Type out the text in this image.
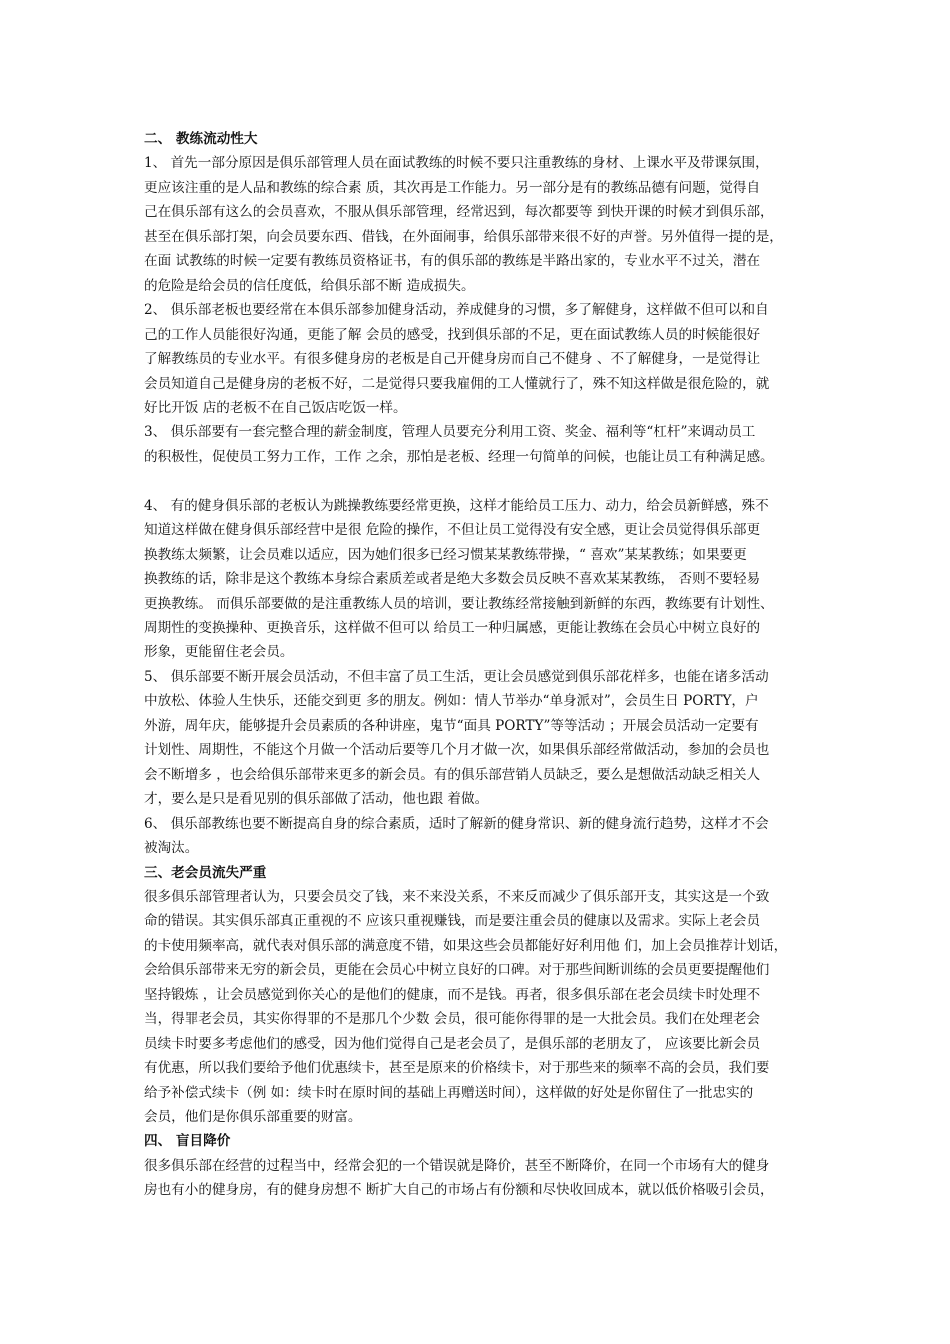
二、 教练流动性大
1、 首先一部分原因是俱乐部管理人员在面试教练的时候不要只注重教练的身材、上课水平及带课氛围，
更应该注重的是人品和教练的综合素 质，其次再是工作能力。另一部分是有的教练品德有问题，觉得自
己在俱乐部有这么的会员喜欢，不服从俱乐部管理，经常迟到，每次都要等 到快开课的时候才到俱乐部，
甚至在俱乐部打架，向会员要东西、借钱，在外面闹事，给俱乐部带来很不好的声誉。另外值得一提的是，
在面 试教练的时候一定要有教练员资格证书，有的俱乐部的教练是半路出家的，专业水平不过关，潜在
的危险是给会员的信任度低，给俱乐部不断 造成损失。
2、 俱乐部老板也要经常在本俱乐部参加健身活动，养成健身的习惯，多了解健身，这样做不但可以和自
己的工作人员能很好沟通，更能了解 会员的感受，找到俱乐部的不足，更在面试教练人员的时候能很好
了解教练员的专业水平。有很多健身房的老板是自己开健身房而自己不健身 、不了解健身，一是觉得让
会员知道自己是健身房的老板不好，二是觉得只要我雇佣的工人懂就行了，殊不知这样做是很危险的，就
好比开饭 店的老板不在自己饭店吃饭一样。
3、 俱乐部要有一套完整合理的薪金制度，管理人员要充分利用工资、奖金、福利等“杠杆”来调动员工
的积极性，促使员工努力工作，工作 之余，那怕是老板、经理一句简单的问候，也能让员工有种满足感。
4、 有的健身俱乐部的老板认为跳操教练要经常更换，这样才能给员工压力、动力，给会员新鲜感，殊不
知道这样做在健身俱乐部经营中是很 危险的操作，不但让员工觉得没有安全感，更让会员觉得俱乐部更
换教练太频繁，让会员难以适应，因为她们很多已经习惯某某教练带操，“ 喜欢”某某教练；如果要更
换教练的话，除非是这个教练本身综合素质差或者是绝大多数会员反映不喜欢某某教练， 否则不要轻易
更换教练。 而俱乐部要做的是注重教练人员的培训，要让教练经常接触到新鲜的东西，教练要有计划性、
周期性的变换操种、更换音乐，这样做不但可以 给员工一种归属感，更能让教练在会员心中树立良好的
形象，更能留住老会员。
5、 俱乐部要不断开展会员活动，不但丰富了员工生活，更让会员感觉到俱乐部花样多，也能在诸多活动
中放松、体验人生快乐，还能交到更 多的朋友。例如：情人节举办“单身派对”，会员生日 PORTY，户
外游，周年庆，能够提升会员素质的各种讲座，鬼节“面具 PORTY”等等活动 ；开展会员活动一定要有
计划性、周期性，不能这个月做一个活动后要等几个月才做一次，如果俱乐部经常做活动，参加的会员也
会不断增多 ，也会给俱乐部带来更多的新会员。有的俱乐部营销人员缺乏，要么是想做活动缺乏相关人
才，要么是只是看见别的俱乐部做了活动，他也跟 着做。
6、 俱乐部教练也要不断提高自身的综合素质，适时了解新的健身常识、新的健身流行趋势，这样才不会
被淘汰。
三、老会员流失严重
很多俱乐部管理者认为，只要会员交了钱，来不来没关系，不来反而减少了俱乐部开支，其实这是一个致
命的错误。其实俱乐部真正重视的不 应该只重视赚钱，而是要注重会员的健康以及需求。实际上老会员
的卡使用频率高，就代表对俱乐部的满意度不错，如果这些会员都能好好利用他 们，加上会员推荐计划话，
会给俱乐部带来无穷的新会员，更能在会员心中树立良好的口碑。对于那些间断训练的会员更要提醒他们
坚持锻炼 ，让会员感觉到你关心的是他们的健康，而不是钱。再者，很多俱乐部在老会员续卡时处理不
当，得罪老会员，其实你得罪的不是那几个少数 会员，很可能你得罪的是一大批会员。我们在处理老会
员续卡时要多考虑他们的感受，因为他们觉得自己是老会员了，是俱乐部的老朋友了， 应该要比新会员
有优惠，所以我们要给予他们优惠续卡，甚至是原来的价格续卡，对于那些来的频率不高的会员，我们要
给予补偿式续卡（例 如：续卡时在原时间的基础上再赠送时间），这样做的好处是你留住了一批忠实的
会员，他们是你俱乐部重要的财富。
四、 盲目降价
很多俱乐部在经营的过程当中，经常会犯的一个错误就是降价，甚至不断降价，在同一个市场有大的健身
房也有小的健身房，有的健身房想不 断扩大自己的市场占有份额和尽快收回成本，就以低价格吸引会员，
